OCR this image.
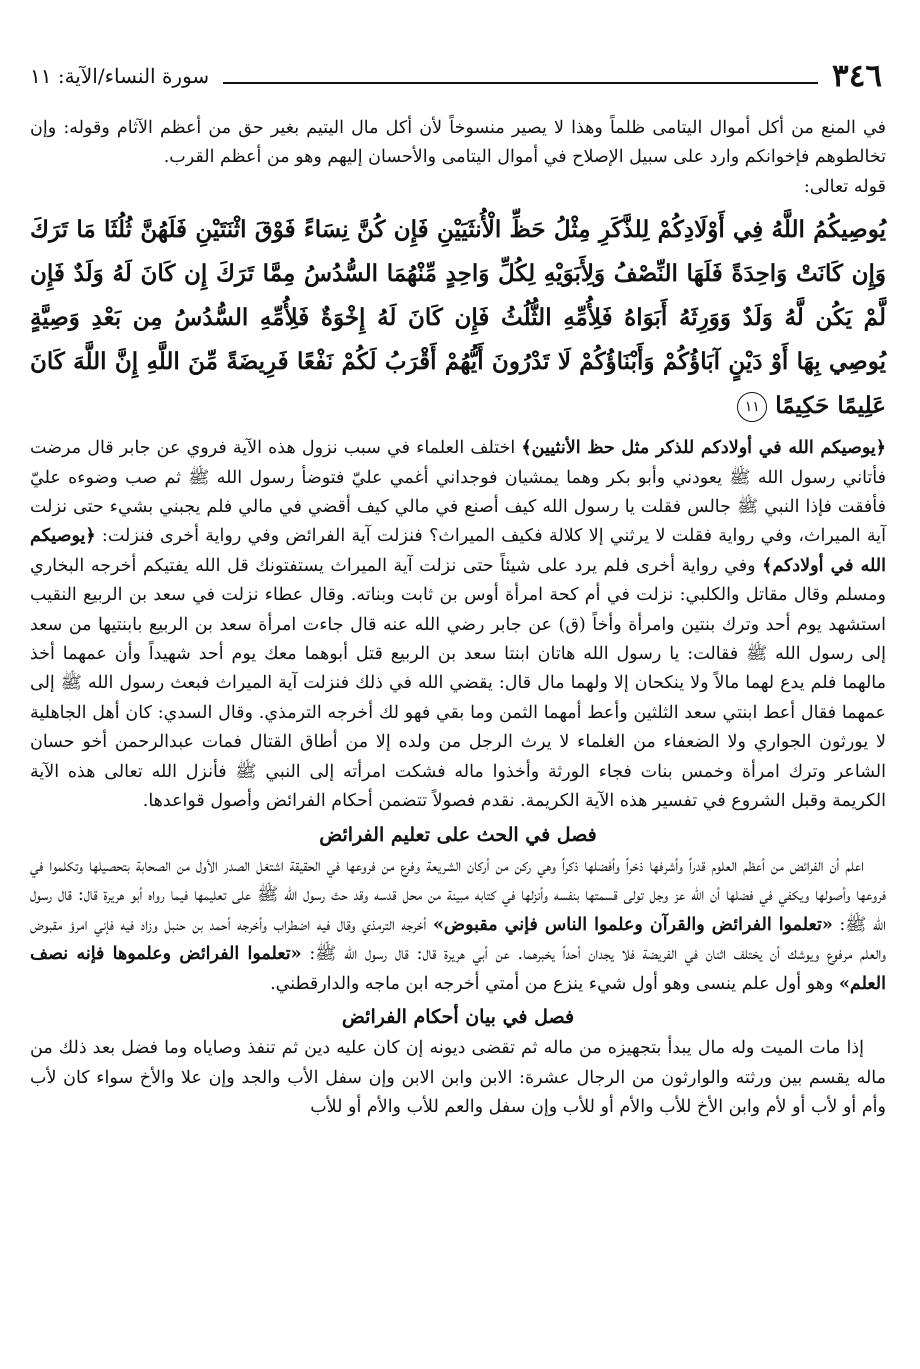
٣٤٦
سورة النساء/الآية: ١١

في المنع من أكل أموال اليتامى ظلماً وهذا لا يصير منسوخاً لأن أكل مال اليتيم بغير حق من أعظم الآثام وقوله: وإن تخالطوهم فإخوانكم وارد على سبيل الإصلاح في أموال اليتامى والأحسان إليهم وهو من أعظم القرب.

قوله تعالى:

يُوصِيكُمُ اللَّهُ فِي أَوْلَادِكُمْ لِلذَّكَرِ مِثْلُ حَظِّ الْأُنثَيَيْنِ فَإِن كُنَّ نِسَاءً فَوْقَ اثْنَتَيْنِ فَلَهُنَّ ثُلُثَا مَا تَرَكَ وَإِن كَانَتْ وَاحِدَةً فَلَهَا النِّصْفُ وَلِأَبَوَيْهِ لِكُلِّ وَاحِدٍ مِّنْهُمَا السُّدُسُ مِمَّا تَرَكَ إِن كَانَ لَهُ وَلَدٌ فَإِن لَّمْ يَكُن لَّهُ وَلَدٌ وَوَرِثَهُ أَبَوَاهُ فَلِأُمِّهِ الثُّلُثُ فَإِن كَانَ لَهُ إِخْوَةٌ فَلِأُمِّهِ السُّدُسُ مِن بَعْدِ وَصِيَّةٍ يُوصِي بِهَا أَوْ دَيْنٍ آبَاؤُكُمْ وَأَبْنَاؤُكُمْ لَا تَدْرُونَ أَيُّهُمْ أَقْرَبُ لَكُمْ نَفْعًا فَرِيضَةً مِّنَ اللَّهِ إِنَّ اللَّهَ كَانَ عَلِيمًا حَكِيمًا ١١

﴿يوصيكم الله في أولادكم للذكر مثل حظ الأنثيين﴾ اختلف العلماء في سبب نزول هذه الآية فروي عن جابر قال مرضت فأتاني رسول الله ﷺ يعودني وأبو بكر وهما يمشيان فوجداني أغمي عليّ فتوضأ رسول الله ﷺ ثم صب وضوءه عليّ فأفقت فإذا النبي ﷺ جالس فقلت يا رسول الله كيف أصنع في مالي كيف أقضي في مالي فلم يجبني بشيء حتى نزلت آية الميراث، وفي رواية فقلت لا يرثني إلا كلالة فكيف الميراث؟ فنزلت آية الفرائض وفي رواية أخرى فنزلت: ﴿يوصيكم الله في أولادكم﴾ وفي رواية أخرى فلم يرد على شيئاً حتى نزلت آية الميراث يستفتونك قل الله يفتيكم أخرجه البخاري ومسلم وقال مقاتل والكلبي: نزلت في أم كحة امرأة أوس بن ثابت وبناته. وقال عطاء نزلت في سعد بن الربيع النقيب استشهد يوم أحد وترك بنتين وامرأة وأخاً (ق) عن جابر رضي الله عنه قال جاءت امرأة سعد بن الربيع بابنتيها من سعد إلى رسول الله ﷺ فقالت: يا رسول الله هاتان ابنتا سعد بن الربيع قتل أبوهما معك يوم أحد شهيداً وأن عمهما أخذ مالهما فلم يدع لهما مالاً ولا ينكحان إلا ولهما مال قال: يقضي الله في ذلك فنزلت آية الميراث فبعث رسول الله ﷺ إلى عمهما فقال أعط ابنتي سعد الثلثين وأعط أمهما الثمن وما بقي فهو لك أخرجه الترمذي. وقال السدي: كان أهل الجاهلية لا يورثون الجواري ولا الضعفاء من الغلماء لا يرث الرجل من ولده إلا من أطاق القتال فمات عبدالرحمن أخو حسان الشاعر وترك امرأة وخمس بنات فجاء الورثة وأخذوا ماله فشكت امرأته إلى النبي ﷺ فأنزل الله تعالى هذه الآية الكريمة وقبل الشروع في تفسير هذه الآية الكريمة. نقدم فصولاً تتضمن أحكام الفرائض وأصول قواعدها.

فصل في الحث على تعليم الفرائض

اعلم أن الفرائض من أعظم العلوم قدراً وأشرفها ذخراً وأفضلها ذكراً وهي ركن من أركان الشريعة وفرع من فروعها في الحقيقة اشتغل الصدر الأول من الصحابة بتحصيلها وتكلموا في فروعها وأصولها ويكفي في فضلها أن الله عز وجل تولى قسمتها بنفسه وأنزلها في كتابه مبينة من محل قدسه وقد حث رسول الله ﷺ على تعليمها فيما رواه أبو هريرة قال: قال رسول الله ﷺ: «تعلموا الفرائض والقرآن وعلموا الناس فإني مقبوض» أخرجه الترمذي وقال فيه اضطراب وأخرجه أحمد بن حنبل وزاد فيه فإني امرؤ مقبوض والعلم مرفوع ويوشك أن يختلف اثنان في الفريضة فلا يجدان أحداً يخبرهما. عن أبي هريرة قال: قال رسول الله ﷺ: «تعلموا الفرائض وعلموها فإنه نصف العلم» وهو أول علم ينسى وهو أول شيء ينزع من أمتي أخرجه ابن ماجه والدارقطني.

فصل في بيان أحكام الفرائض

إذا مات الميت وله مال يبدأ بتجهيزه من ماله ثم تقضى ديونه إن كان عليه دين ثم تنفذ وصاياه وما فضل بعد ذلك من ماله يقسم بين ورثته والوارثون من الرجال عشرة: الابن وابن الابن وإن سفل الأب والجد وإن علا والأخ سواء كان لأب وأم أو لأب أو لأم وابن الأخ للأب والأم أو للأب وإن سفل والعم للأب والأم أو للأب
